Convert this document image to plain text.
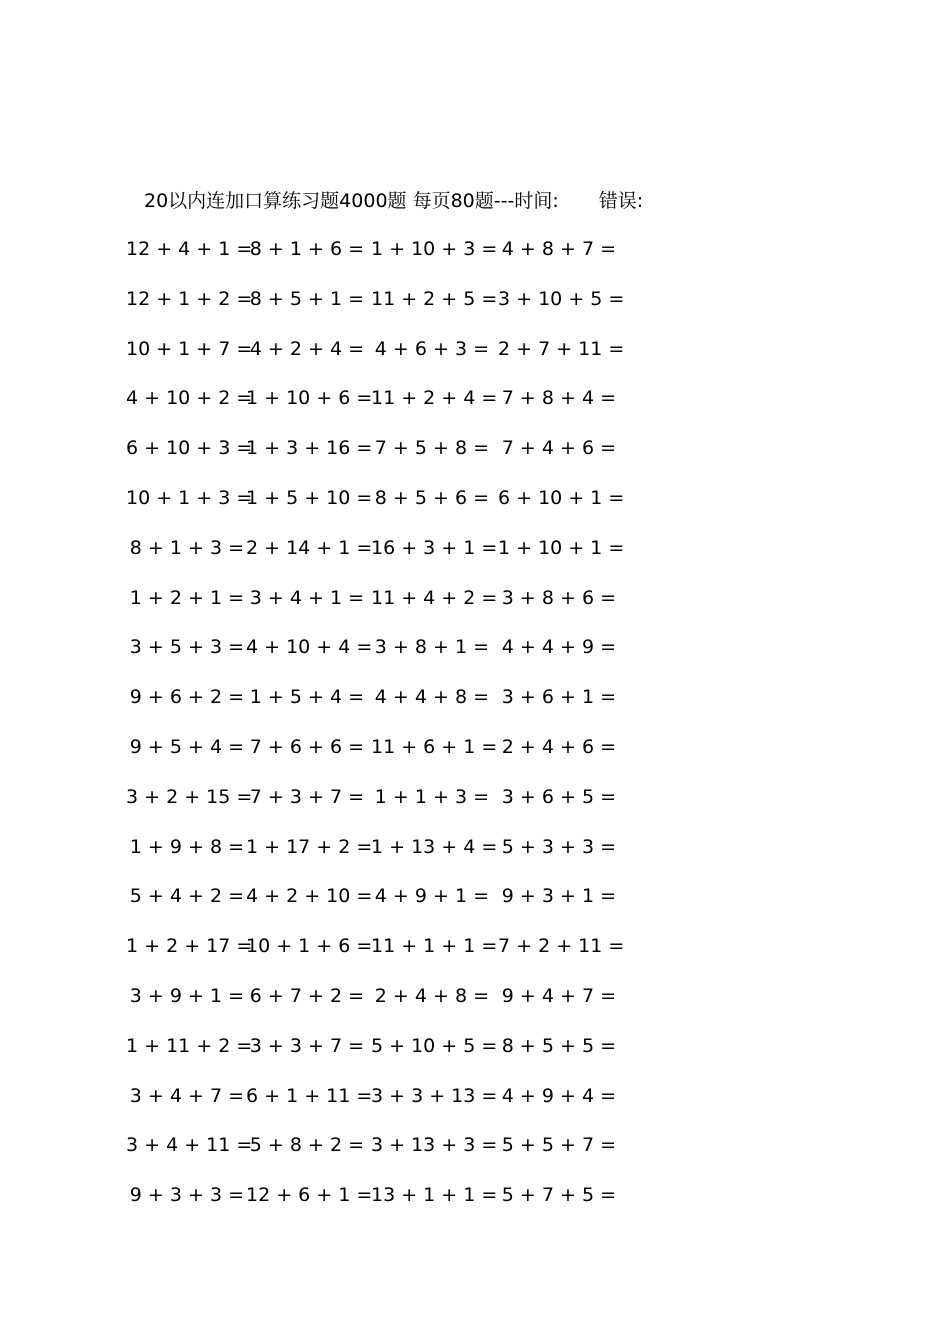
20以内连加口算练习题4000题 每页80题---时间: 错误:
12 + 4 + 1 =
8 + 1 + 6 = 1 + 10 + 3 = 4 + 8 + 7 =
12 + 1 + 2 =
8 + 5 + 1 = 11 + 2 + 5 = 3 + 10 + 5 =
10 + 1 + 7 =
4 + 2 + 4 = 4 + 6 + 3 = 2 + 7 + 11 =
4 + 10 + 2 =
1 + 10 + 6 =
11 + 2 + 4 = 7 + 8 + 4 =
6 + 10 + 3 =
1 + 3 + 16 = 7 + 5 + 8 = 7 + 4 + 6 =
10 + 1 + 3 =
1 + 5 + 10 = 8 + 5 + 6 = 6 + 10 + 1 =
8 + 1 + 3 = 2 + 14 + 1 =
16 + 3 + 1 = 1 + 10 + 1 =
1 + 2 + 1 = 3 + 4 + 1 = 11 + 4 + 2 = 3 + 8 + 6 =
3 + 5 + 3 = 4 + 10 + 4 = 3 + 8 + 1 = 4 + 4 + 9 =
9 + 6 + 2 = 1 + 5 + 4 = 4 + 4 + 8 = 3 + 6 + 1 =
9 + 5 + 4 = 7 + 6 + 6 = 11 + 6 + 1 = 2 + 4 + 6 =
3 + 2 + 15 =
7 + 3 + 7 = 1 + 1 + 3 = 3 + 6 + 5 =
1 + 9 + 8 = 1 + 17 + 2 =
1 + 13 + 4 = 5 + 3 + 3 =
5 + 4 + 2 = 4 + 2 + 10 = 4 + 9 + 1 = 9 + 3 + 1 =
1 + 2 + 17 =
10 + 1 + 6 =
11 + 1 + 1 = 7 + 2 + 11 =
3 + 9 + 1 = 6 + 7 + 2 = 2 + 4 + 8 = 9 + 4 + 7 =
1 + 11 + 2 =
3 + 3 + 7 = 5 + 10 + 5 = 8 + 5 + 5 =
3 + 4 + 7 = 6 + 1 + 11 =
3 + 3 + 13 = 4 + 9 + 4 =
3 + 4 + 11 =
5 + 8 + 2 = 3 + 13 + 3 = 5 + 5 + 7 =
9 + 3 + 3 = 12 + 6 + 1 =
13 + 1 + 1 = 5 + 7 + 5 =
